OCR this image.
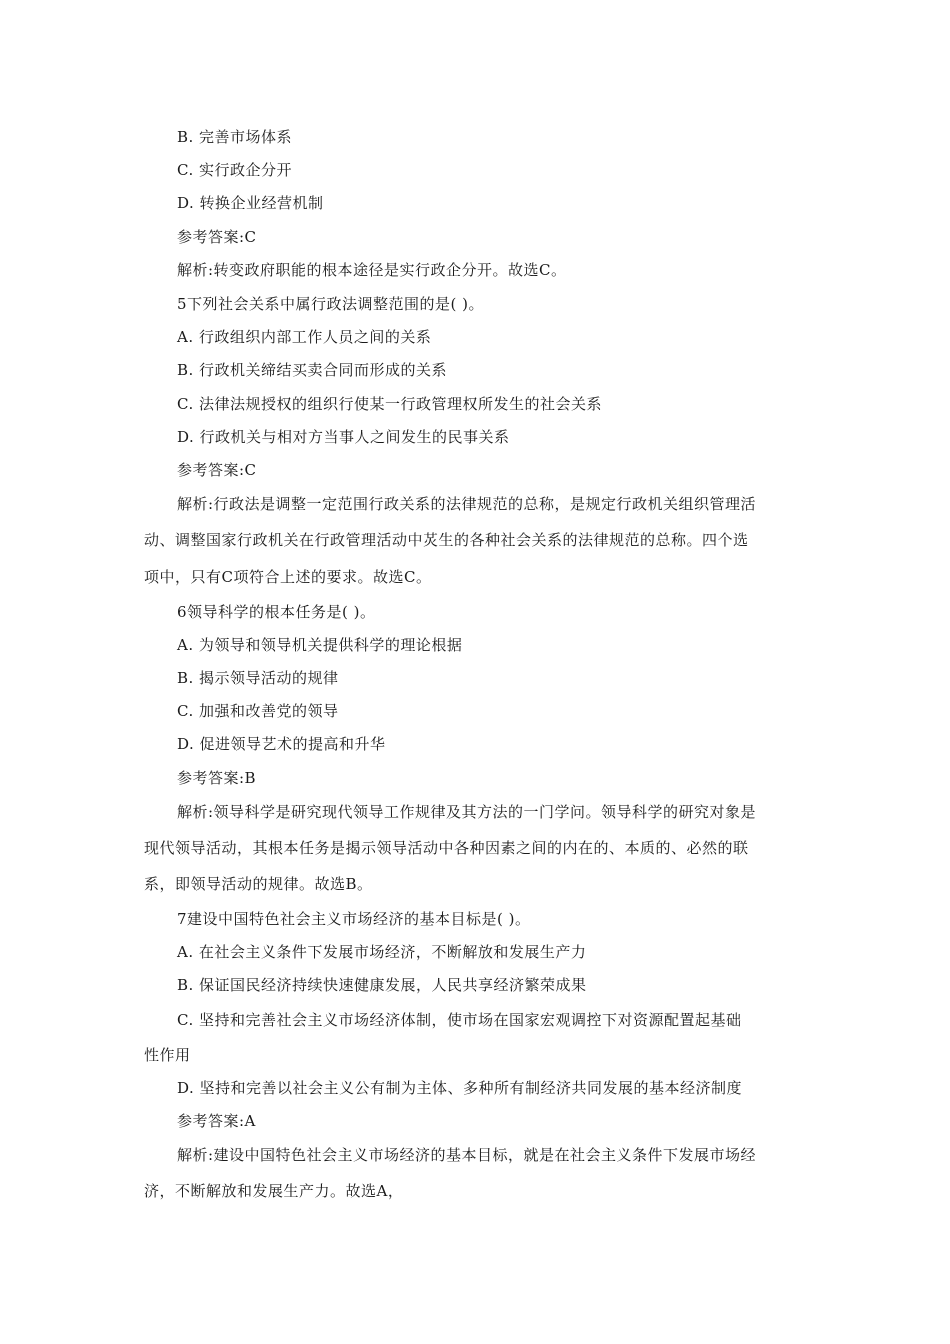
B. 完善市场体系
C. 实行政企分开
D. 转换企业经营机制
参考答案:C
解析:转变政府职能的根本途径是实行政企分开。故选C。
5下列社会关系中属行政法调整范围的是( )。
A. 行政组织内部工作人员之间的关系
B. 行政机关缔结买卖合同而形成的关系
C. 法律法规授权的组织行使某一行政管理权所发生的社会关系
D. 行政机关与相对方当事人之间发生的民事关系
参考答案:C
解析:行政法是调整一定范围行政关系的法律规范的总称，是规定行政机关组织管理活
动、调整国家行政机关在行政管理活动中炗生的各种社会关系的法律规范的总称。四个选
项中，只有C项符合上述的要求。故选C。
6领导科学的根本任务是( )。
A. 为领导和领导机关提供科学的理论根据
B. 揭示领导活动的规律
C. 加强和改善党的领导
D. 促进领导艺术的提高和升华
参考答案:B
解析:领导科学是研究现代领导工作规律及其方法的一门学问。领导科学的研究对象是
现代领导活动，其根本任务是揭示领导活动中各种因素之间的内在的、本质的、必然的联
系，即领导活动的规律。故选B。
7建设中国特色社会主义市场经济的基本目标是( )。
A. 在社会主义条件下发展市场经济，不断解放和发展生产力
B. 保证国民经济持续快速健康发展，人民共享经济繁荣成果
C. 坚持和完善社会主义市场经济体制，使市场在国家宏观调控下对资源配置起基础
性作用
D. 坚持和完善以社会主义公有制为主体、多种所有制经济共同发展的基本经济制度
参考答案:A
解析:建设中国特色社会主义市场经济的基本目标，就是在社会主义条件下发展市场经
济，不断解放和发展生产力。故选A，
